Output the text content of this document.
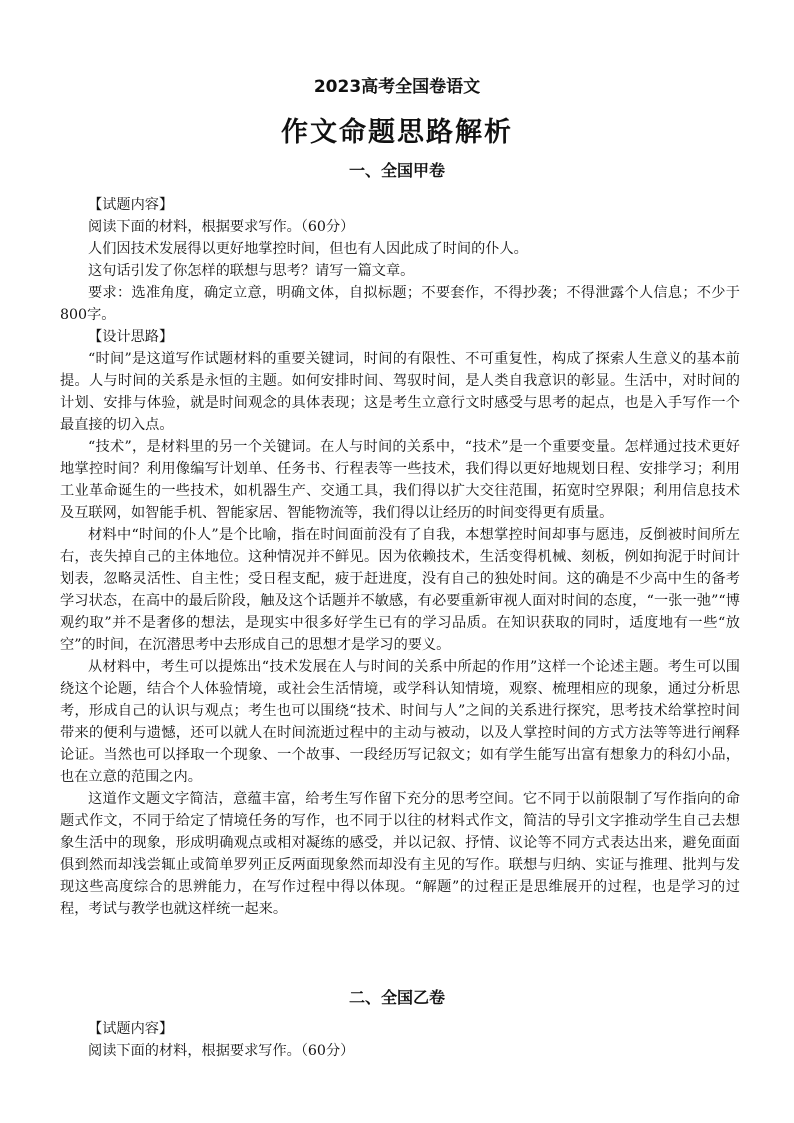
2023高考全国卷语文
作文命题思路解析
一、全国甲卷

【试题内容】

阅读下面的材料，根据要求写作。（60分）

人们因技术发展得以更好地掌控时间，但也有人因此成了时间的仆人。

这句话引发了你怎样的联想与思考？请写一篇文章。

要求：选准角度，确定立意，明确文体，自拟标题；不要套作，不得抄袭；不得泄露个人信息；不少于800字。

【设计思路】

“时间”是这道写作试题材料的重要关键词，时间的有限性、不可重复性，构成了探索人生意义的基本前提。人与时间的关系是永恒的主题。如何安排时间、驾驭时间，是人类自我意识的彰显。生活中，对时间的计划、安排与体验，就是时间观念的具体表现；这是考生立意行文时感受与思考的起点，也是入手写作一个最直接的切入点。

“技术”，是材料里的另一个关键词。在人与时间的关系中，“技术”是一个重要变量。怎样通过技术更好地掌控时间？利用像编写计划单、任务书、行程表等一些技术，我们得以更好地规划日程、安排学习；利用工业革命诞生的一些技术，如机器生产、交通工具，我们得以扩大交往范围，拓宽时空界限；利用信息技术及互联网，如智能手机、智能家居、智能物流等，我们得以让经历的时间变得更有质量。

材料中“时间的仆人”是个比喻，指在时间面前没有了自我，本想掌控时间却事与愿违，反倒被时间所左右，丧失掉自己的主体地位。这种情况并不鲜见。因为依赖技术，生活变得机械、刻板，例如拘泥于时间计划表，忽略灵活性、自主性；受日程支配，疲于赶进度，没有自己的独处时间。这的确是不少高中生的备考学习状态，在高中的最后阶段，触及这个话题并不敏感，有必要重新审视人面对时间的态度，“一张一弛”“博观约取”并不是奢侈的想法，是现实中很多好学生已有的学习品质。在知识获取的同时，适度地有一些“放空”的时间，在沉潜思考中去形成自己的思想才是学习的要义。

从材料中，考生可以提炼出“技术发展在人与时间的关系中所起的作用”这样一个论述主题。考生可以围绕这个论题，结合个人体验情境，或社会生活情境，或学科认知情境，观察、梳理相应的现象，通过分析思考，形成自己的认识与观点；考生也可以围绕“技术、时间与人”之间的关系进行探究，思考技术给掌控时间带来的便利与遗憾，还可以就人在时间流逝过程中的主动与被动，以及人掌控时间的方式方法等等进行阐释论证。当然也可以择取一个现象、一个故事、一段经历写记叙文；如有学生能写出富有想象力的科幻小品，也在立意的范围之内。

这道作文题文字简洁，意蕴丰富，给考生写作留下充分的思考空间。它不同于以前限制了写作指向的命题式作文，不同于给定了情境任务的写作，也不同于以往的材料式作文，简洁的导引文字推动学生自己去想象生活中的现象，形成明确观点或相对凝练的感受，并以记叙、抒情、议论等不同方式表达出来，避免面面俱到然而却浅尝辄止或简单罗列正反两面现象然而却没有主见的写作。联想与归纳、实证与推理、批判与发现这些高度综合的思辨能力，在写作过程中得以体现。“解题”的过程正是思维展开的过程，也是学习的过程，考试与教学也就这样统一起来。

二、全国乙卷

【试题内容】

阅读下面的材料，根据要求写作。（60分）
